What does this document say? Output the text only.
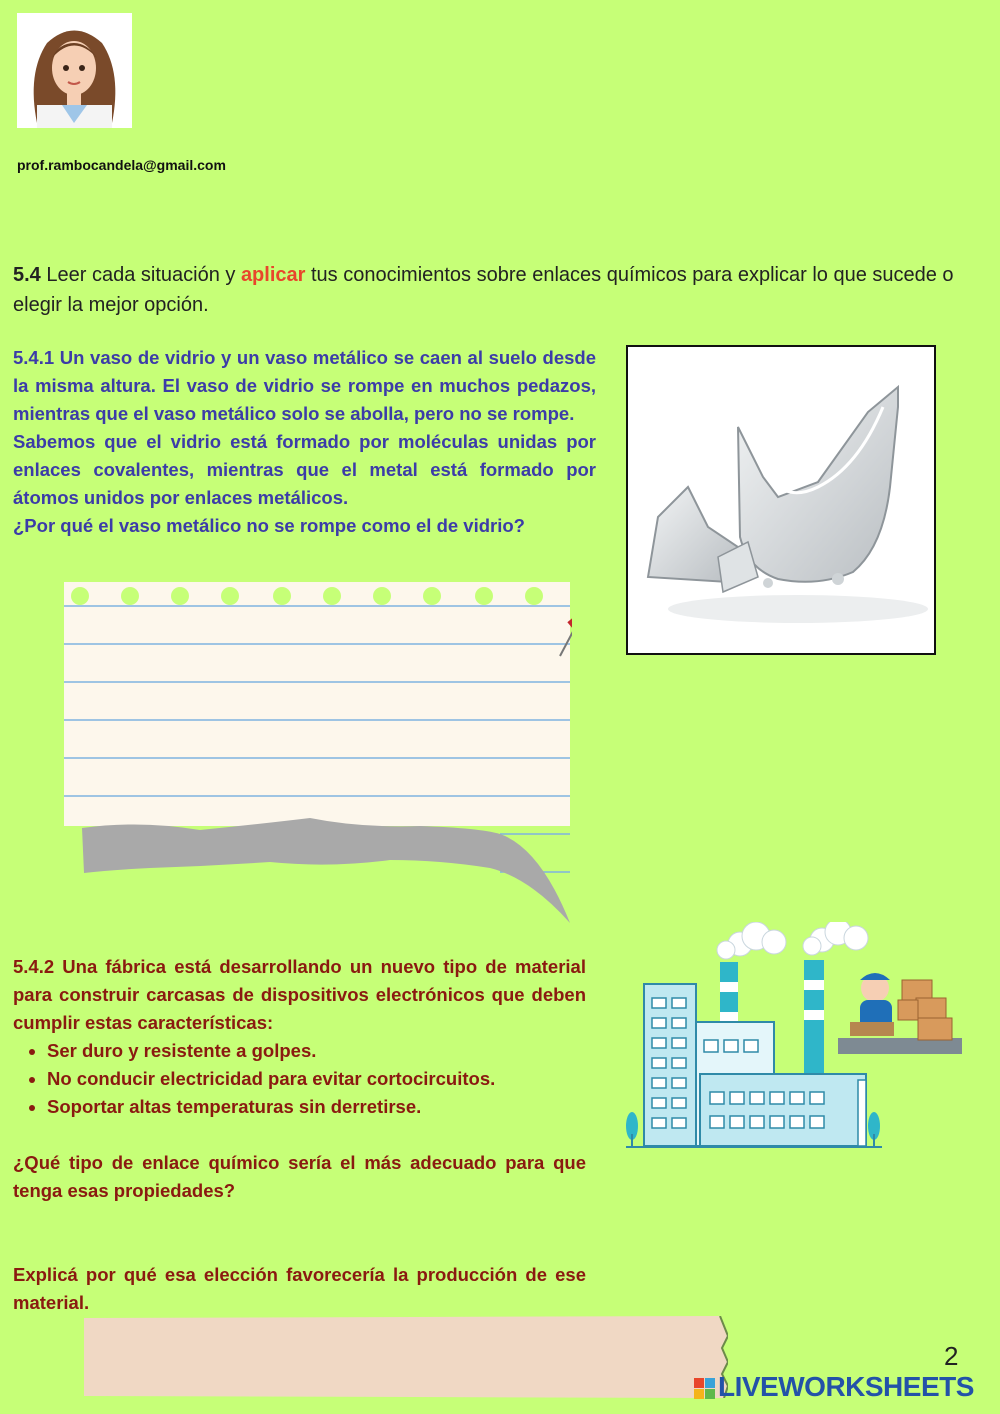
prof.rambocandela@gmail.com
5.4 Leer cada situación y aplicar tus conocimientos sobre enlaces químicos para explicar lo que sucede o elegir la mejor opción.

5.4.1 Un vaso de vidrio y un vaso metálico se caen al suelo desde la misma altura. El vaso de vidrio se rompe en muchos pedazos, mientras que el vaso metálico solo se abolla, pero no se rompe.

Sabemos que el vidrio está formado por moléculas unidas por enlaces covalentes, mientras que el metal está formado por átomos unidos por enlaces metálicos.

¿Por qué el vaso metálico no se rompe como el de vidrio?

5.4.2 Una fábrica está desarrollando un nuevo tipo de material para construir carcasas de dispositivos electrónicos que deben cumplir estas características:

• Ser duro y resistente a golpes.
• No conducir electricidad para evitar cortocircuitos.
• Soportar altas temperaturas sin derretirse.

¿Qué tipo de enlace químico sería el más adecuado para que tenga esas propiedades?

Explicá por qué esa elección favorecería la producción de ese material.

2
LIVEWORKSHEETS
